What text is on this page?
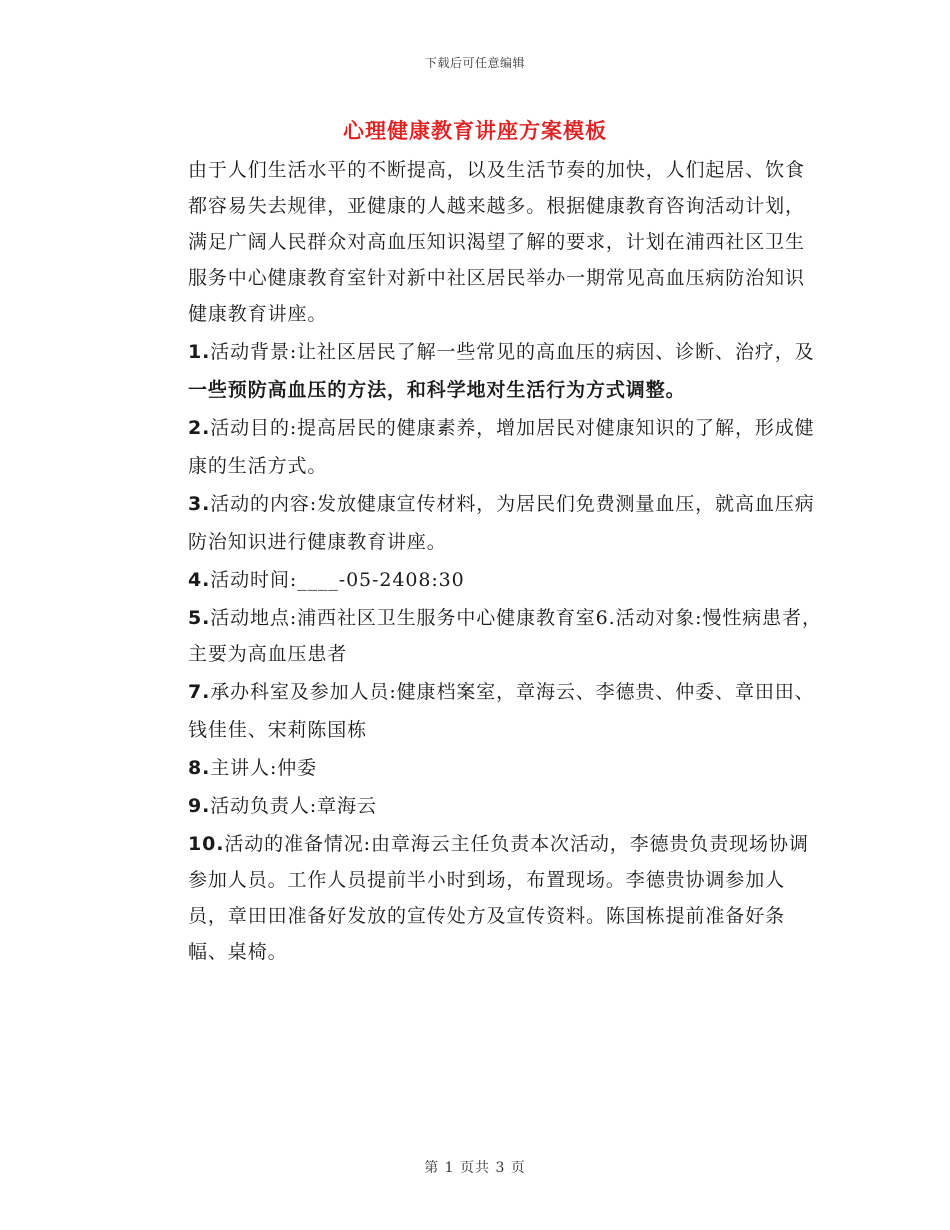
下载后可任意编辑
心理健康教育讲座方案模板

由于人们生活水平的不断提高，以及生活节奏的加快，人们起居、饮食都容易失去规律，亚健康的人越来越多。根据健康教育咨询活动计划，满足广阔人民群众对高血压知识渴望了解的要求，计划在浦西社区卫生服务中心健康教育室针对新中社区居民举办一期常见高血压病防治知识健康教育讲座。

1.活动背景:让社区居民了解一些常见的高血压的病因、诊断、治疗，及

一些预防高血压的方法，和科学地对生活行为方式调整。

2.活动目的:提高居民的健康素养，增加居民对健康知识的了解，形成健

康的生活方式。

3.活动的内容:发放健康宣传材料，为居民们免费测量血压，就高血压病

防治知识进行健康教育讲座。

4.活动时间:____-05-2408:30

5.活动地点:浦西社区卫生服务中心健康教育室6.活动对象:慢性病患者，主要为高血压患者

7.承办科室及参加人员:健康档案室，章海云、李德贵、仲委、章田田、

钱佳佳、宋莉陈国栋

8.主讲人:仲委

9.活动负责人:章海云

10.活动的准备情况:由章海云主任负责本次活动，李德贵负责现场协调参加人员。工作人员提前半小时到场，布置现场。李德贵协调参加人员，章田田准备好发放的宣传处方及宣传资料。陈国栋提前准备好条幅、桌椅。

第 1 页共 3 页
